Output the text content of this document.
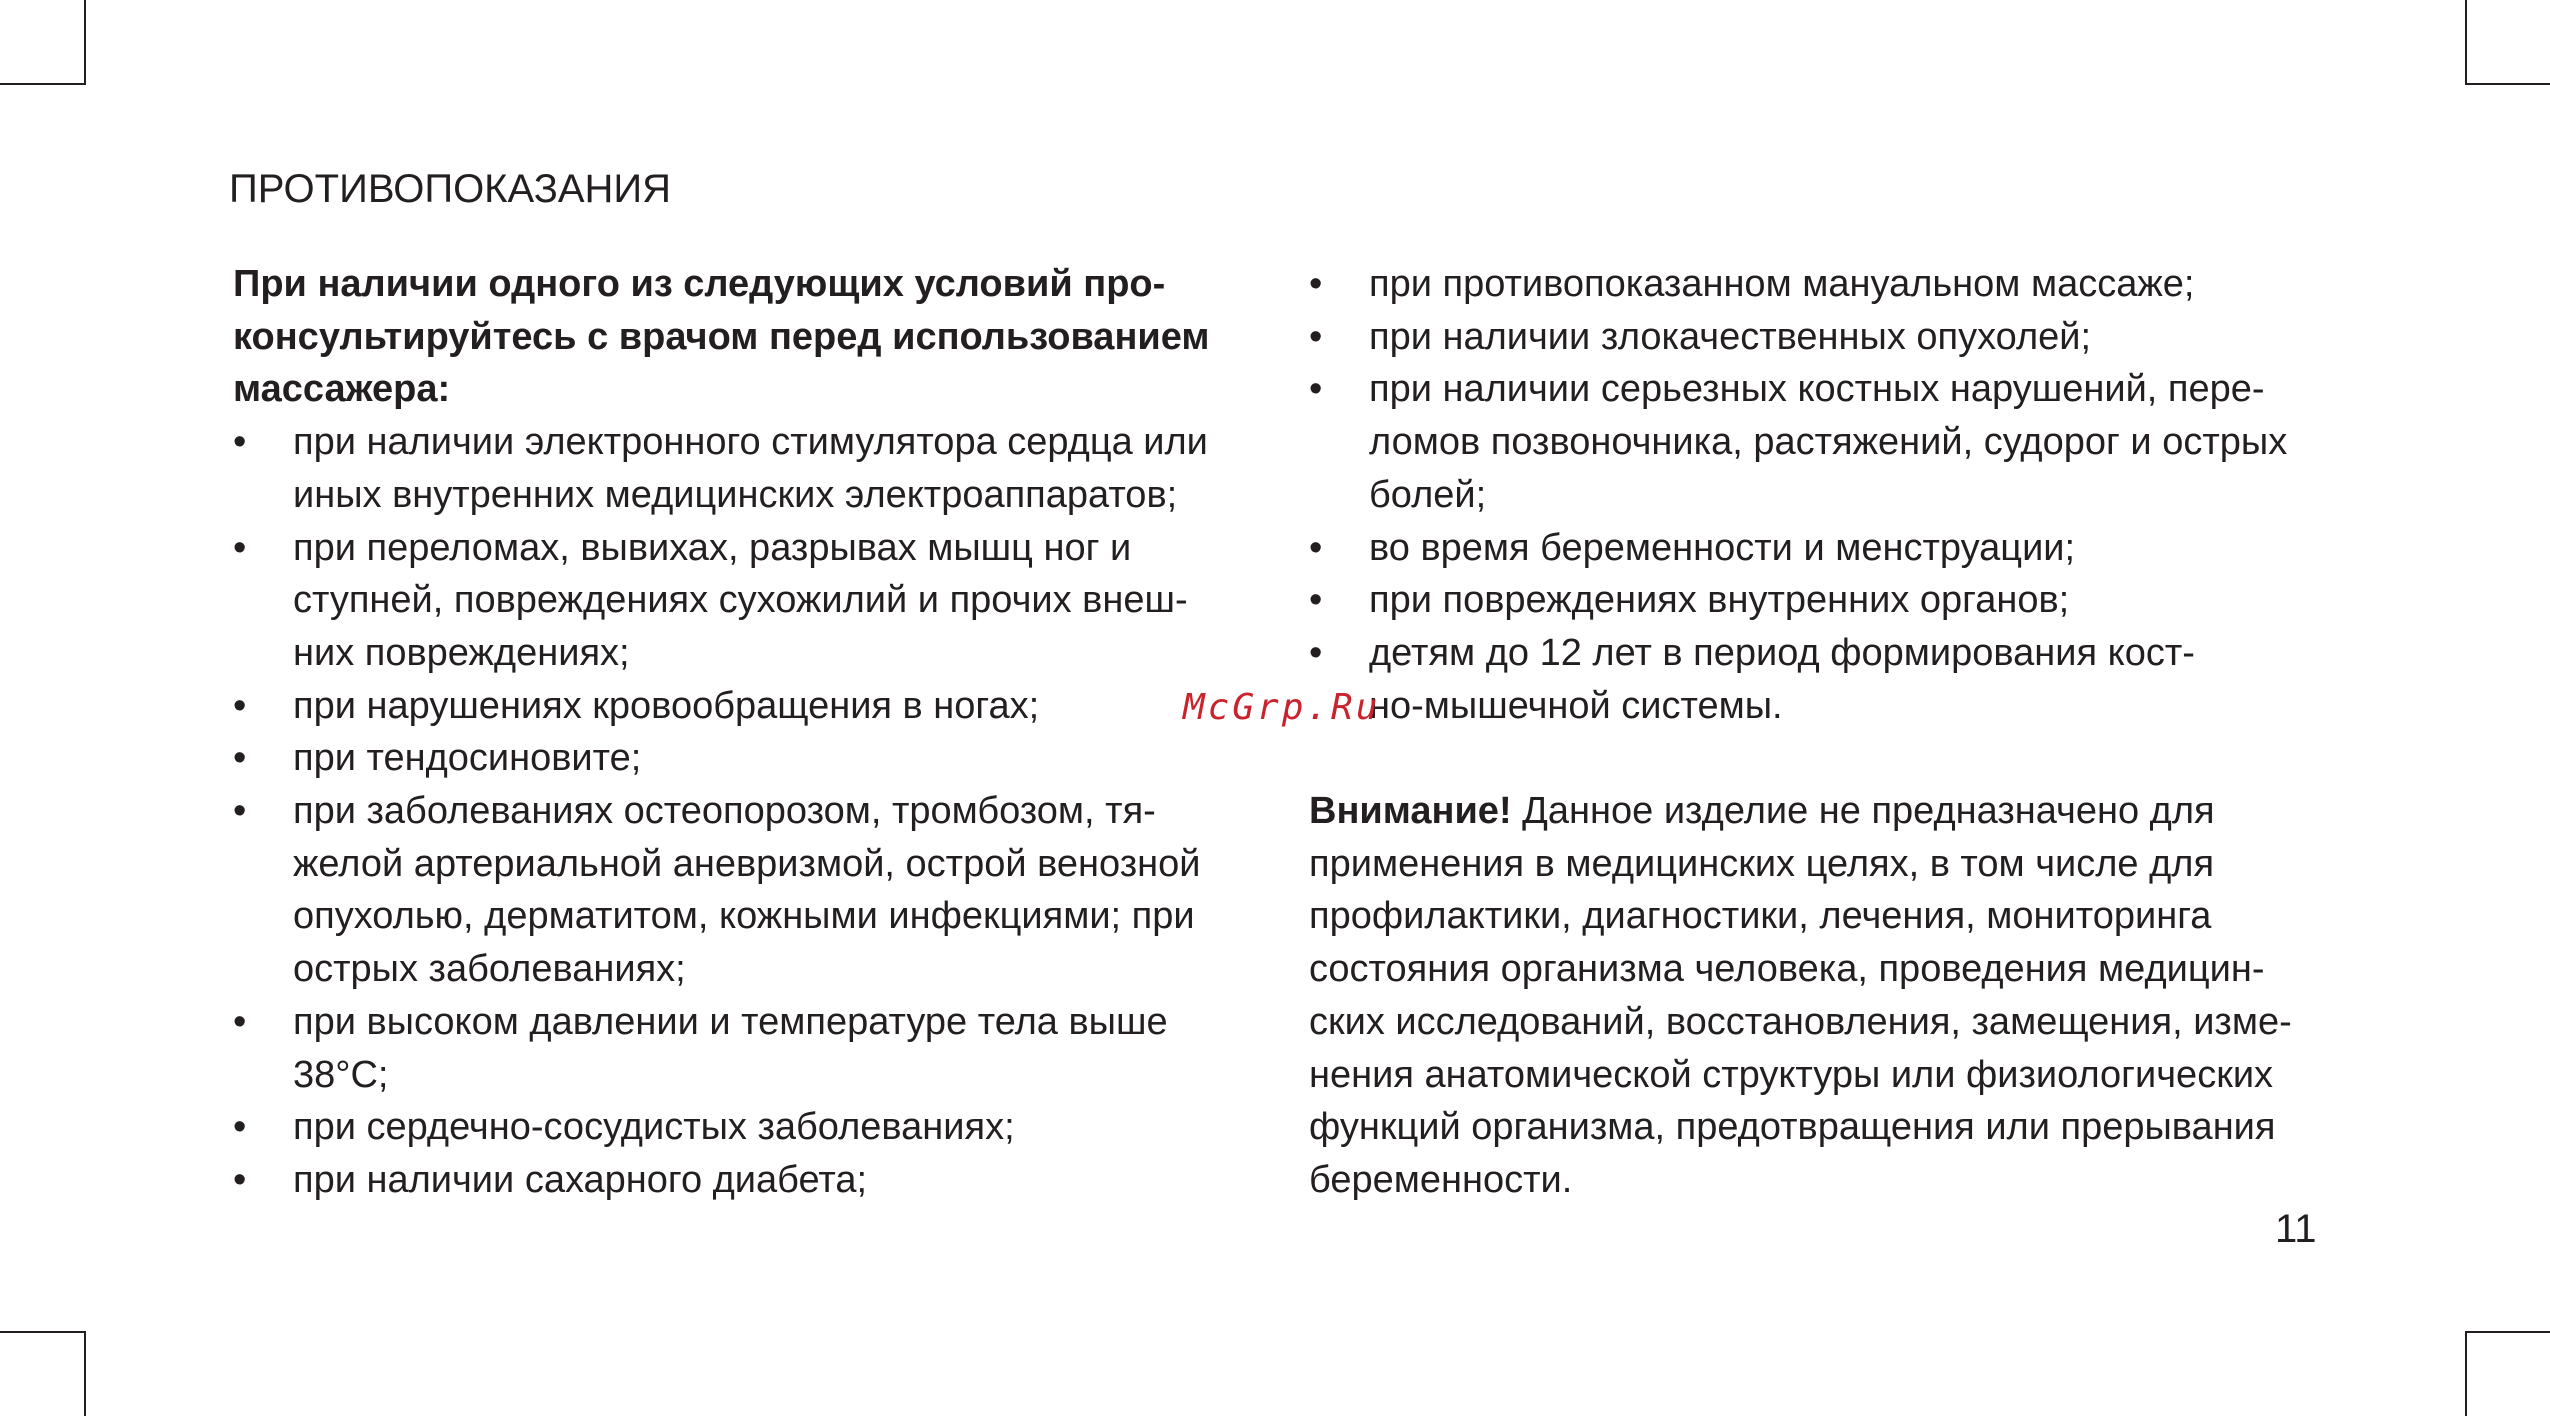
ПРОТИВОПОКАЗАНИЯ

При наличии одного из следующих условий про-
консультируйтесь с врачом перед использованием
массажера:

•	при наличии электронного стимулятора сердца или
иных внутренних медицинских электроаппаратов;
•	при переломах, вывихах, разрывах мышц ног и
ступней, повреждениях сухожилий и прочих внеш-
них повреждениях;
•	при нарушениях кровообращения в ногах;
•	при тендосиновите;
•	при заболеваниях остеопорозом, тромбозом, тя-
желой артериальной аневризмой, острой венозной
опухолью, дерматитом, кожными инфекциями; при
острых заболеваниях;
•	при высоком давлении и температуре тела выше
38°С;
•	при сердечно-сосудистых заболеваниях;
•	при наличии сахарного диабета;
•	при противопоказанном мануальном массаже;
•	при наличии злокачественных опухолей;
•	при наличии серьезных костных нарушений, пере-
ломов позвоночника, растяжений, судорог и острых
болей;
•	во время беременности и менструации;
•	при повреждениях внутренних органов;
•	детям до 12 лет в период формирования кост-
но-мышечной системы.

Внимание! Данное изделие не предназначено для
применения в медицинских целях, в том числе для
профилактики, диагностики, лечения, мониторинга
состояния организма человека, проведения медицин-
ских исследований, восстановления, замещения, изме-
нения анатомической структуры или физиологических
функций организма, предотвращения или прерывания
беременности.

McGrp.Ru
11
